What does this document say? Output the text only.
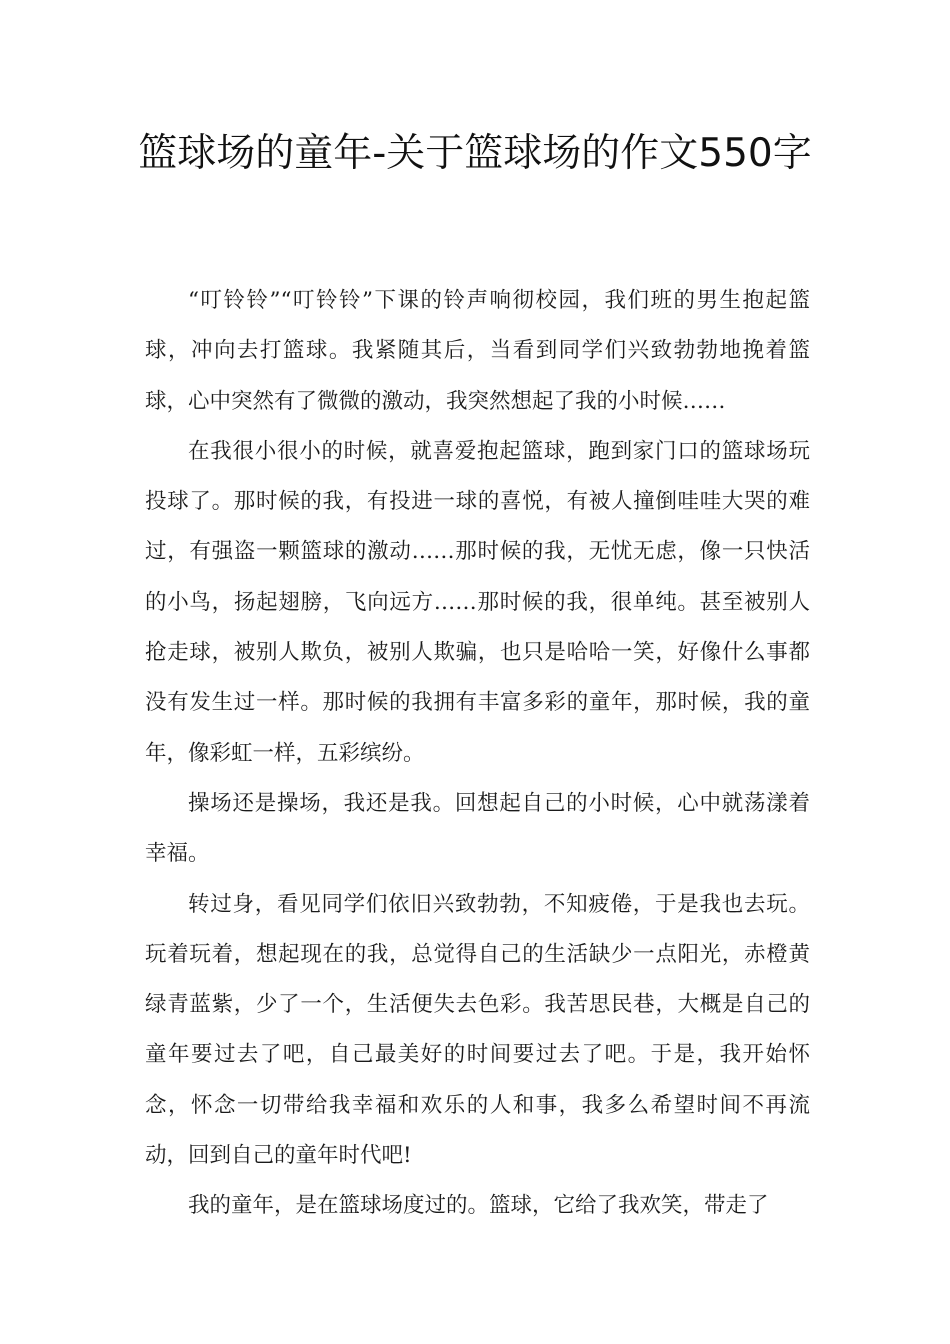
篮球场的童年-关于篮球场的作文550字

“叮铃铃”“叮铃铃”下课的铃声响彻校园，我们班的男生抱起篮球，冲向去打篮球。我紧随其后，当看到同学们兴致勃勃地挽着篮球，心中突然有了微微的激动，我突然想起了我的小时候……

在我很小很小的时候，就喜爱抱起篮球，跑到家门口的篮球场玩投球了。那时候的我，有投进一球的喜悦，有被人撞倒哇哇大哭的难过，有强盗一颗篮球的激动……那时候的我，无忧无虑，像一只快活的小鸟，扬起翅膀，飞向远方……那时候的我，很单纯。甚至被别人抢走球，被别人欺负，被别人欺骗，也只是哈哈一笑，好像什么事都没有发生过一样。那时候的我拥有丰富多彩的童年，那时候，我的童年，像彩虹一样，五彩缤纷。

操场还是操场，我还是我。回想起自己的小时候，心中就荡漾着幸福。

转过身，看见同学们依旧兴致勃勃，不知疲倦，于是我也去玩。玩着玩着，想起现在的我，总觉得自己的生活缺少一点阳光，赤橙黄绿青蓝紫，少了一个，生活便失去色彩。我苦思民巷，大概是自己的童年要过去了吧，自己最美好的时间要过去了吧。于是，我开始怀念，怀念一切带给我幸福和欢乐的人和事，我多么希望时间不再流动，回到自己的童年时代吧!

我的童年，是在篮球场度过的。篮球，它给了我欢笑，带走了
